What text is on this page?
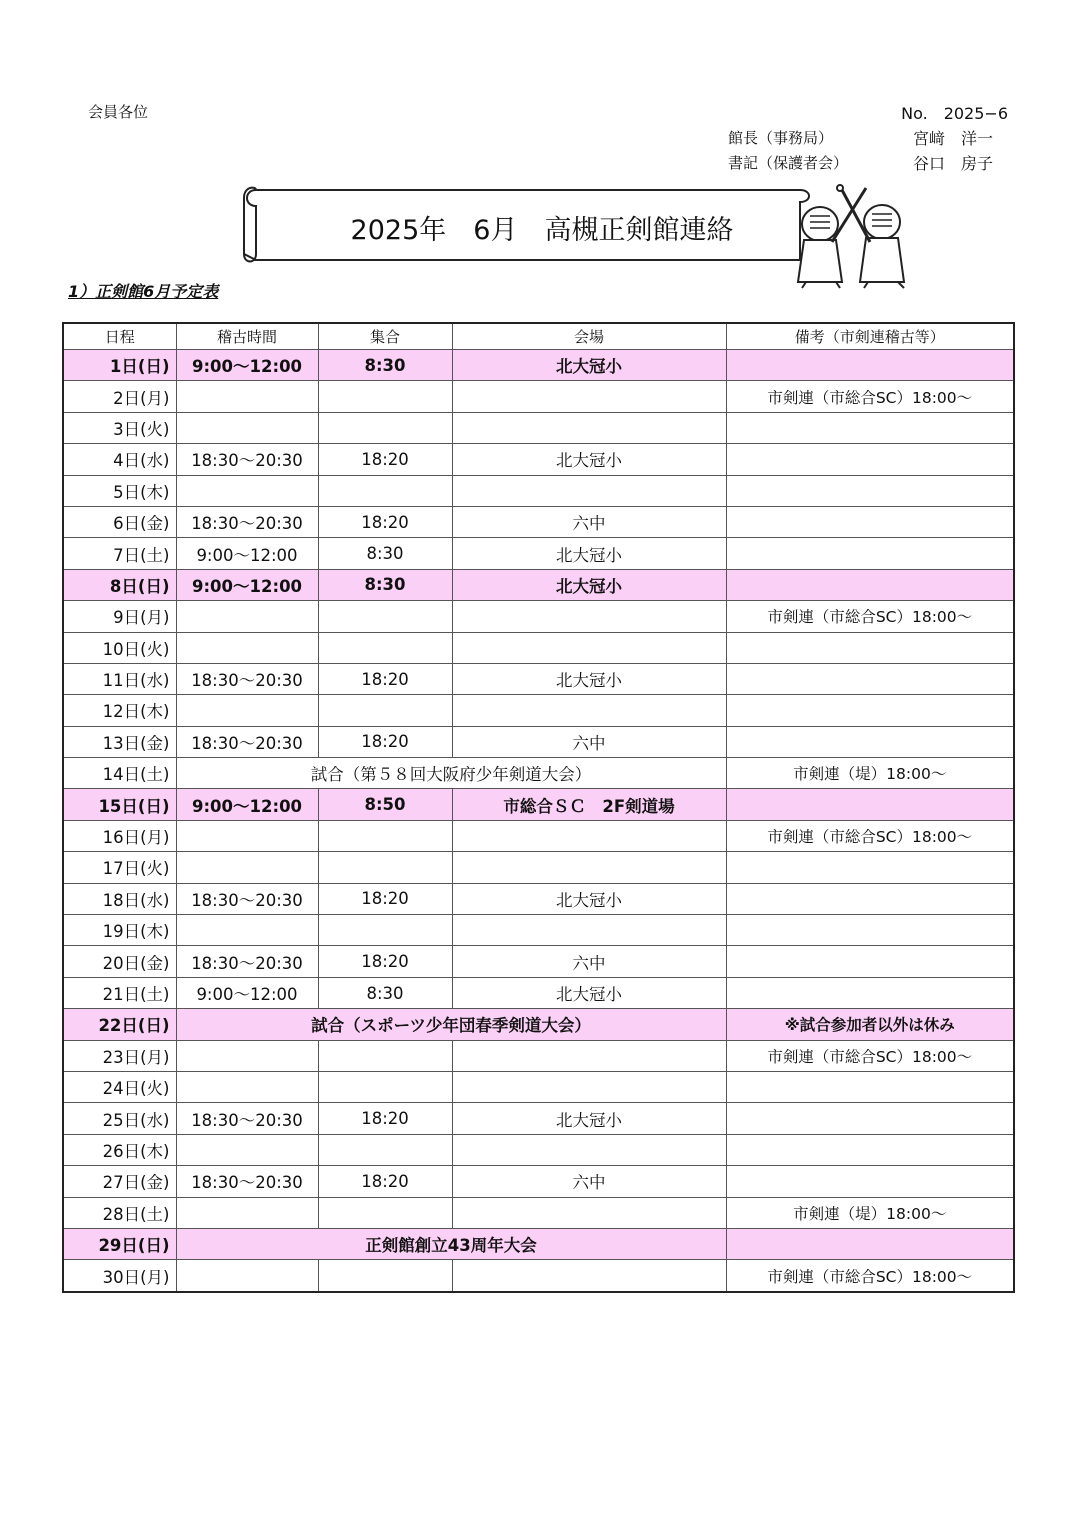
会員各位	No.　2025−6
館長（事務局）	宮﨑　洋一
書記（保護者会）	谷口　房子
2025年　6月　高槻正剣館連絡
1）正剣館6月予定表
日程	稽古時間	集合	会場	備考（市剣連稽古等）
1日(日)	9:00〜12:00	8:30	北大冠小	
2日(月)				市剣連（市総合SC）18:00〜
3日(火)				
4日(水)	18:30〜20:30	18:20	北大冠小	
5日(木)				
6日(金)	18:30〜20:30	18:20	六中	
7日(土)	9:00〜12:00	8:30	北大冠小	
8日(日)	9:00〜12:00	8:30	北大冠小	
9日(月)				市剣連（市総合SC）18:00〜
10日(火)				
11日(水)	18:30〜20:30	18:20	北大冠小	
12日(木)				
13日(金)	18:30〜20:30	18:20	六中	
14日(土)	試合（第５８回大阪府少年剣道大会）			市剣連（堤）18:00〜
15日(日)	9:00〜12:00	8:50	市総合ＳＣ　2F剣道場	
16日(月)				市剣連（市総合SC）18:00〜
17日(火)				
18日(水)	18:30〜20:30	18:20	北大冠小	
19日(木)				
20日(金)	18:30〜20:30	18:20	六中	
21日(土)	9:00〜12:00	8:30	北大冠小	
22日(日)	試合（スポーツ少年団春季剣道大会）			※試合参加者以外は休み
23日(月)				市剣連（市総合SC）18:00〜
24日(火)				
25日(水)	18:30〜20:30	18:20	北大冠小	
26日(木)				
27日(金)	18:30〜20:30	18:20	六中	
28日(土)				市剣連（堤）18:00〜
29日(日)	正剣館創立43周年大会			
30日(月)				市剣連（市総合SC）18:00〜
